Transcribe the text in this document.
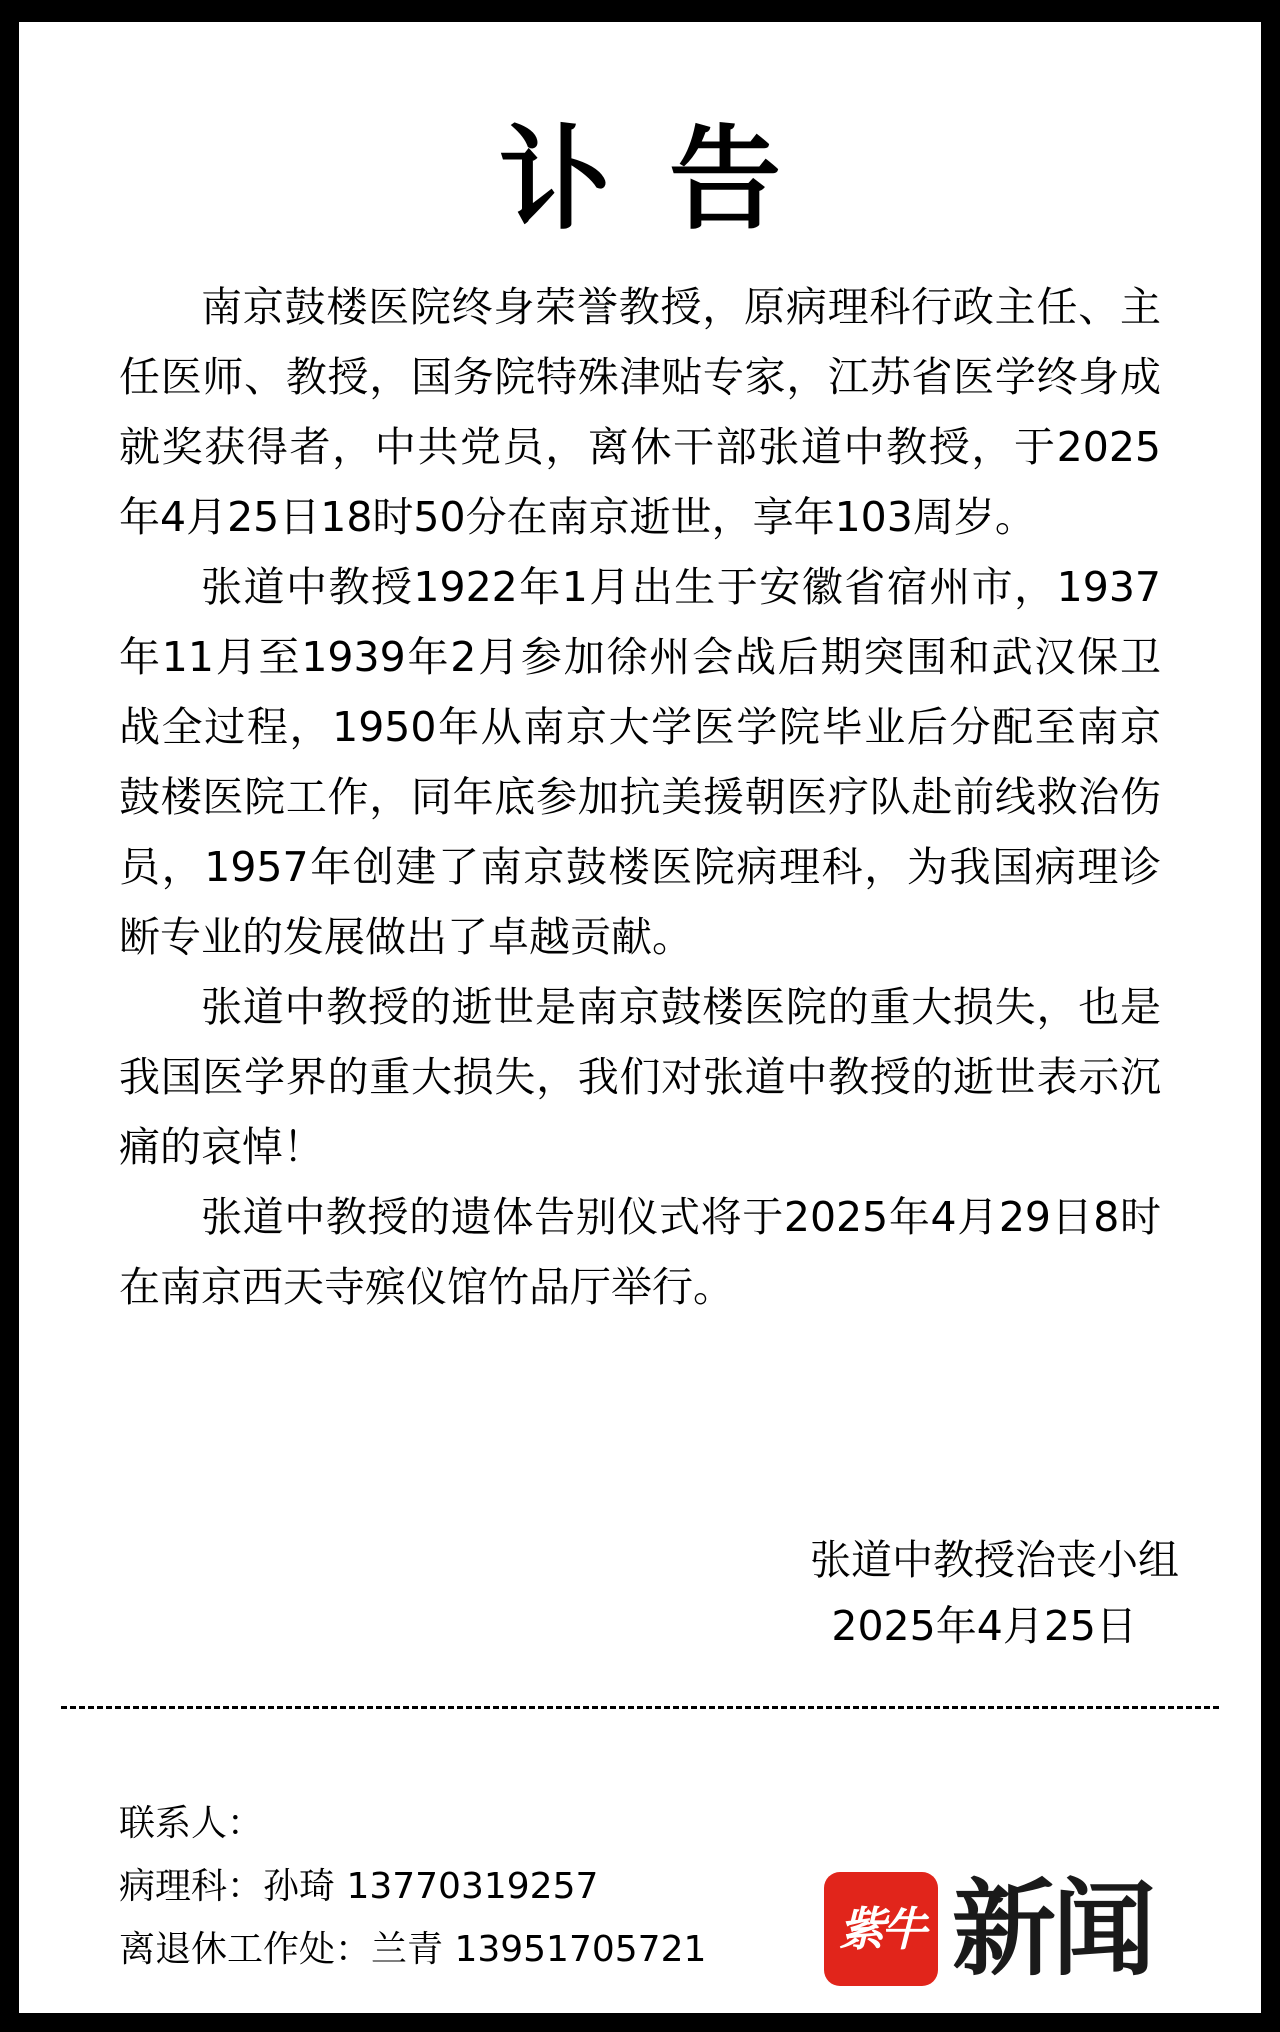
讣告

南京鼓楼医院终身荣誉教授，原病理科行政主任、主任医师、教授，国务院特殊津贴专家，江苏省医学终身成就奖获得者，中共党员，离休干部张道中教授，于2025年4月25日18时50分在南京逝世，享年103周岁。

张道中教授1922年1月出生于安徽省宿州市，1937年11月至1939年2月参加徐州会战后期突围和武汉保卫战全过程，1950年从南京大学医学院毕业后分配至南京鼓楼医院工作，同年底参加抗美援朝医疗队赴前线救治伤员，1957年创建了南京鼓楼医院病理科，为我国病理诊断专业的发展做出了卓越贡献。

张道中教授的逝世是南京鼓楼医院的重大损失，也是我国医学界的重大损失，我们对张道中教授的逝世表示沉痛的哀悼！

张道中教授的遗体告别仪式将于2025年4月29日8时在南京西天寺殡仪馆竹品厅举行。

张道中教授治丧小组
2025年4月25日
联系人：
病理科：孙琦 13770319257
离退休工作处：兰青 13951705721	紫牛 新闻
